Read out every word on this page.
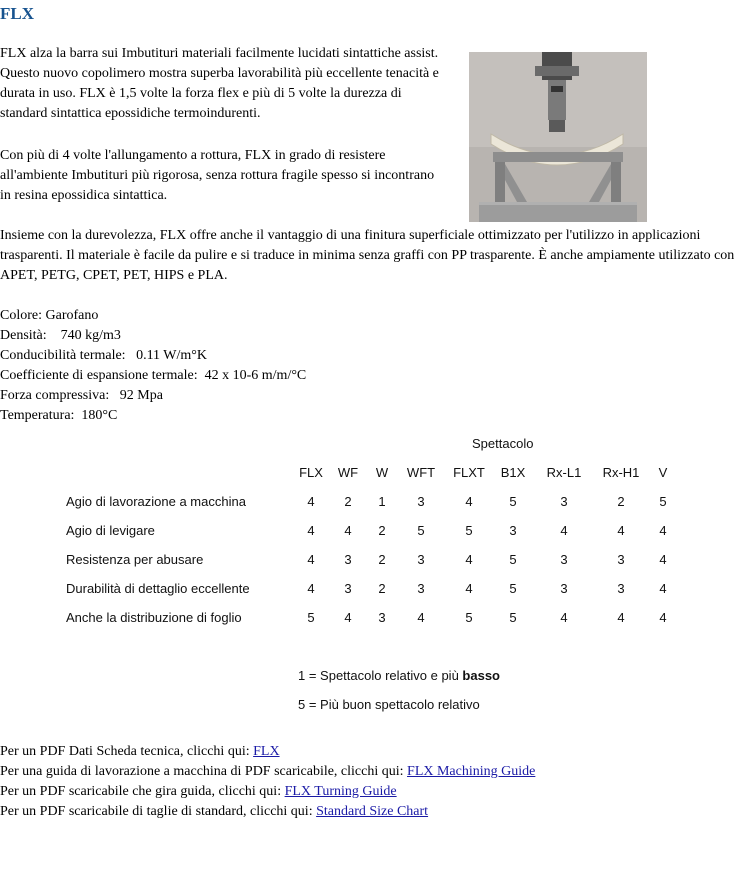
FLX
FLX alza la barra sui Imbutituri materiali facilmente lucidati sintattiche assist. Questo nuovo copolimero mostra superba lavorabilità più eccellente tenacità e durata in uso. FLX è 1,5 volte la forza flex e più di 5 volte la durezza di standard sintattica epossidiche termoindurenti.
Con più di 4 volte l'allungamento a rottura, FLX in grado di resistere all'ambiente Imbutituri più rigorosa, senza rottura fragile spesso si incontrano in resina epossidica sintattica.
Insieme con la durevolezza, FLX offre anche il vantaggio di una finitura superficiale ottimizzato per l'utilizzo in applicazioni trasparenti. Il materiale è facile da pulire e si traduce in minima senza graffi con PP trasparente. È anche ampiamente utilizzato con APET, PETG, CPET, PET, HIPS e PLA.
Colore: Garofano
Densità:    740 kg/m3
Conducibilità termale:   0.11 W/m°K
Coefficiente di espansione termale:  42 x 10-6 m/m/°C
Forza compressiva:   92 Mpa
Temperatura:  180°C
Spettacolo
FLX	WF	W	WFT	FLXT	B1X	Rx-L1	Rx-H1	V
Agio di lavorazione a macchina	4	2	1	3	4	5	3	2	5
Agio di levigare	4	4	2	5	5	3	4	4	4
Resistenza per abusare	4	3	2	3	4	5	3	3	4
Durabilità di dettaglio eccellente	4	3	2	3	4	5	3	3	4
Anche la distribuzione di foglio	5	4	3	4	5	5	4	4	4
1 = Spettacolo relativo e più basso
5 = Più buon spettacolo relativo
Per un PDF Dati Scheda tecnica, clicchi qui: FLX
Per una guida di lavorazione a macchina di PDF scaricabile, clicchi qui: FLX Machining Guide
Per un PDF scaricabile che gira guida, clicchi qui: FLX Turning Guide
Per un PDF scaricabile di taglie di standard, clicchi qui: Standard Size Chart
